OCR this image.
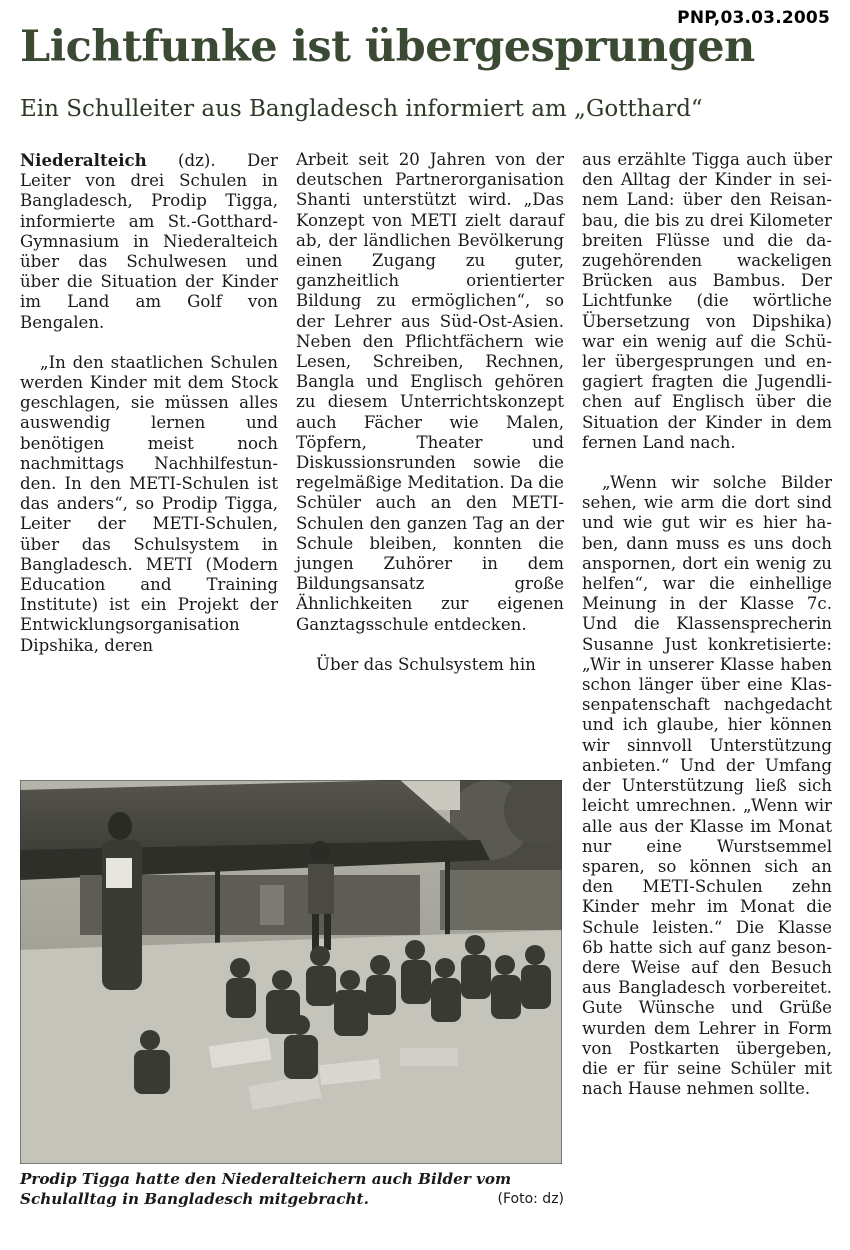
PNP,03.03.2005
Lichtfunke ist übergesprungen
Ein Schulleiter aus Bangladesch informiert am „Gotthard“

Niederalteich (dz). Der Leiter von drei Schulen in Bangladesch, Prodip Tigga, informierte am St.-Gotthard-Gymnasium in Niederalteich über das Schulwesen und über die Situation der Kinder im Land am Golf von Bengalen.

„In den staatlichen Schulen werden Kinder mit dem Stock geschlagen, sie müssen alles auswendig lernen und benötigen meist noch nachmittags Nachhilfestunden. In den METI-Schulen ist das anders“, so Prodip Tigga, Leiter der METI-Schulen, über das Schulsystem in Bangladesch. METI (Modern Education and Training Institute) ist ein Projekt der Entwicklungsorganisation Dipshika, deren

Arbeit seit 20 Jahren von der deutschen Partnerorganisation Shanti unterstützt wird. „Das Konzept von METI zielt darauf ab, der ländlichen Bevölkerung einen Zugang zu guter, ganzheitlich orientierter Bildung zu ermöglichen“, so der Lehrer aus Süd-Ost-Asien. Neben den Pflichtfächern wie Lesen, Schreiben, Rechnen, Bangla und Englisch gehören zu diesem Unterrichtskonzept auch Fächer wie Malen, Töpfern, Theater und Diskussionsrunden sowie die regelmäßige Meditation. Da die Schüler auch an den METI-Schulen den ganzen Tag an der Schule bleiben, konnten die jungen Zuhörer in dem Bildungsansatz große Ähnlichkeiten zur eigenen Ganztagsschule entdecken.

Über das Schulsystem hin

aus erzählte Tigga auch über den Alltag der Kinder in seinem Land: über den Reisanbau, die bis zu drei Kilometer breiten Flüsse und die dazugehörenden wackeligen Brücken aus Bambus. Der Lichtfunke (die wörtliche Übersetzung von Dipshika) war ein wenig auf die Schüler übergesprungen und engagiert fragten die Jugendlichen auf Englisch über die Situation der Kinder in dem fernen Land nach.

„Wenn wir solche Bilder sehen, wie arm die dort sind und wie gut wir es hier haben, dann muss es uns doch anspornen, dort ein wenig zu helfen“, war die einhellige Meinung in der Klasse 7c. Und die Klassensprecherin Susanne Just konkretisierte: „Wir in unserer Klasse haben schon länger über eine Klassenpatenschaft nachgedacht und ich glaube, hier können wir sinnvoll Unterstützung anbieten.“ Und der Umfang der Unterstützung ließ sich leicht umrechnen. „Wenn wir alle aus der Klasse im Monat nur eine Wurstsemmel sparen, so können sich an den METI-Schulen zehn Kinder mehr im Monat die Schule leisten.“ Die Klasse 6b hatte sich auf ganz besondere Weise auf den Besuch aus Bangladesch vorbereitet. Gute Wünsche und Grüße wurden dem Lehrer in Form von Postkarten übergeben, die er für seine Schüler mit nach Hause nehmen sollte.

Prodip Tigga hatte den Niederalteichern auch Bilder vom Schulalltag in Bangladesch mitgebracht.	(Foto: dz)
